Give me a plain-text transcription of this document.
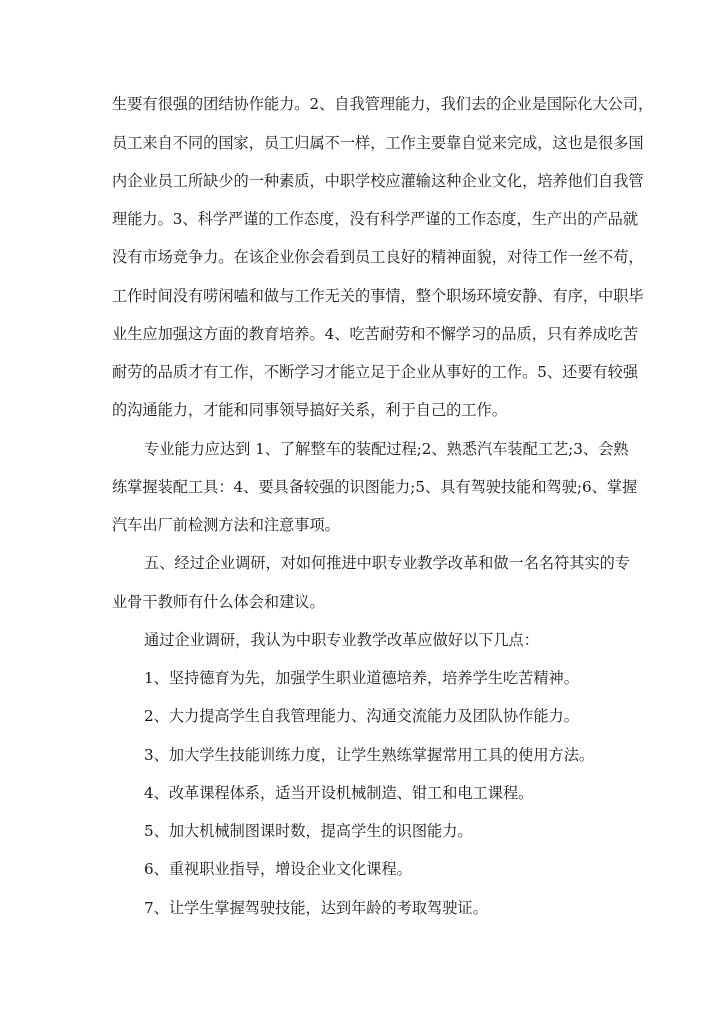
生要有很强的团结协作能力。2、自我管理能力，我们去的企业是国际化大公司，
员工来自不同的国家，员工归属不一样，工作主要靠自觉来完成，这也是很多国
内企业员工所缺少的一种素质，中职学校应灌输这种企业文化，培养他们自我管
理能力。3、科学严谨的工作态度，没有科学严谨的工作态度，生产出的产品就
没有市场竞争力。在该企业你会看到员工良好的精神面貌，对待工作一丝不苟，
工作时间没有唠闲嗑和做与工作无关的事情，整个职场环境安静、有序，中职毕
业生应加强这方面的教育培养。4、吃苦耐劳和不懈学习的品质，只有养成吃苦
耐劳的品质才有工作，不断学习才能立足于企业从事好的工作。5、还要有较强
的沟通能力，才能和同事领导搞好关系，利于自己的工作。
专业能力应达到 1、了解整车的装配过程;2、熟悉汽车装配工艺;3、会熟
练掌握装配工具：4、要具备较强的识图能力;5、具有驾驶技能和驾驶;6、掌握
汽车出厂前检测方法和注意事项。
五、经过企业调研，对如何推进中职专业教学改革和做一名名符其实的专
业骨干教师有什么体会和建议。
通过企业调研，我认为中职专业教学改革应做好以下几点：
1、坚持德育为先，加强学生职业道德培养，培养学生吃苦精神。
2、大力提高学生自我管理能力、沟通交流能力及团队协作能力。
3、加大学生技能训练力度，让学生熟练掌握常用工具的使用方法。
4、改革课程体系，适当开设机械制造、钳工和电工课程。
5、加大机械制图课时数，提高学生的识图能力。
6、重视职业指导，增设企业文化课程。
7、让学生掌握驾驶技能，达到年龄的考取驾驶证。
